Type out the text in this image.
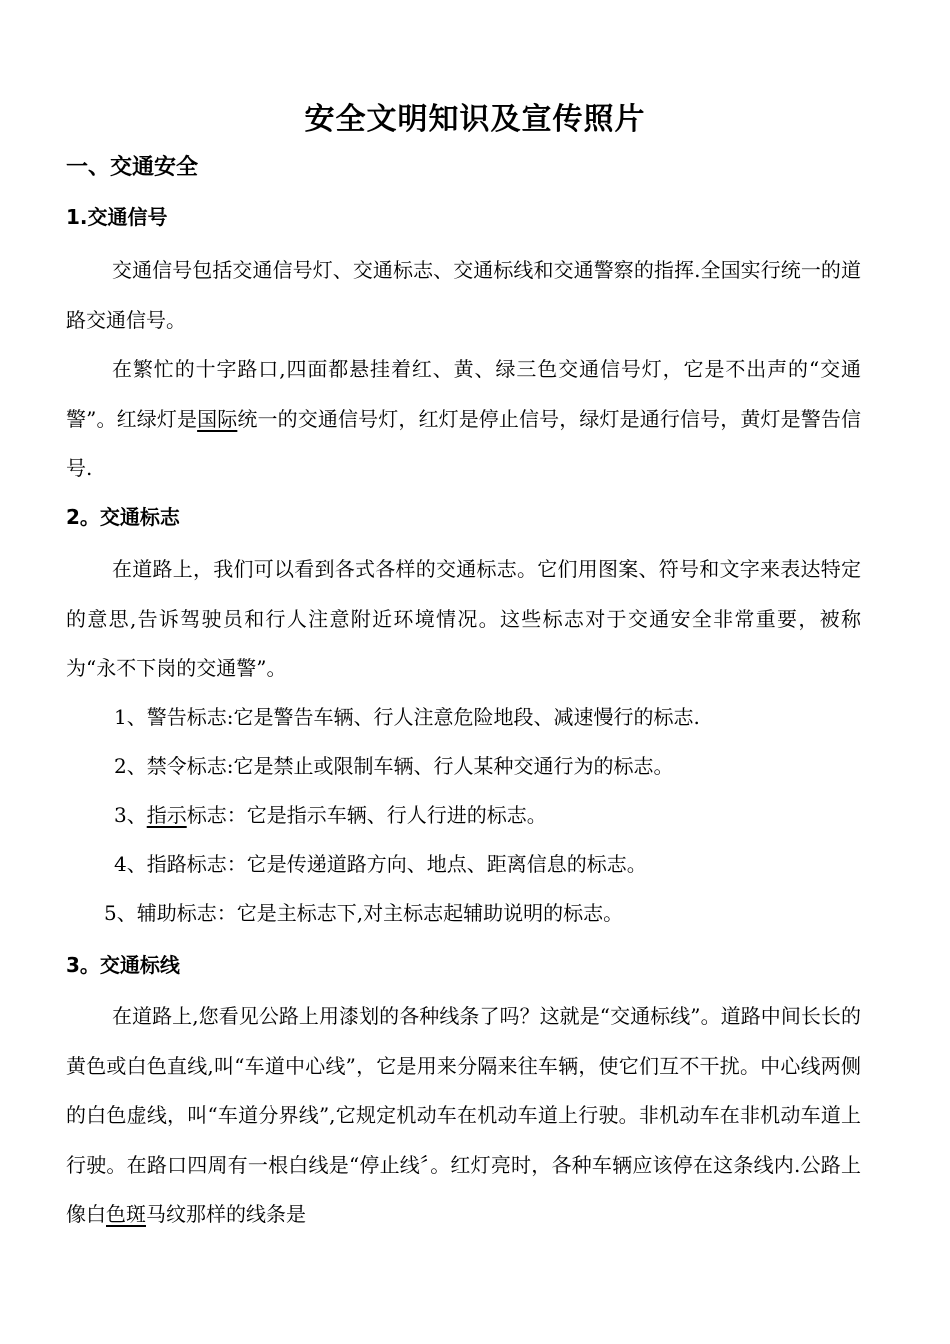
安全文明知识及宣传照片
一、交通安全
1.交通信号

交通信号包括交通信号灯、交通标志、交通标线和交通警察的指挥.全国实行统一的道路交通信号。

在繁忙的十字路口,四面都悬挂着红、黄、绿三色交通信号灯，它是不出声的“交通警”。红绿灯是国际统一的交通信号灯，红灯是停止信号，绿灯是通行信号，黄灯是警告信号.

2。交通标志

在道路上，我们可以看到各式各样的交通标志。它们用图案、符号和文字来表达特定的意思,告诉驾驶员和行人注意附近环境情况。这些标志对于交通安全非常重要，被称为“永不下岗的交通警”。

1、警告标志:它是警告车辆、行人注意危险地段、减速慢行的标志.
2、禁令标志:它是禁止或限制车辆、行人某种交通行为的标志。
3、指示标志：它是指示车辆、行人行进的标志。
4、指路标志：它是传递道路方向、地点、距离信息的标志。
5、辅助标志：它是主标志下,对主标志起辅助说明的标志。
3。交通标线

在道路上,您看见公路上用漆划的各种线条了吗？这就是“交通标线”。道路中间长长的黄色或白色直线,叫“车道中心线”，它是用来分隔来往车辆，使它们互不干扰。中心线两侧的白色虚线，叫“车道分界线”,它规定机动车在机动车道上行驶。非机动车在非机动车道上行驶。在路口四周有一根白线是“停止线〞。红灯亮时，各种车辆应该停在这条线内.公路上像白色斑马纹那样的线条是
